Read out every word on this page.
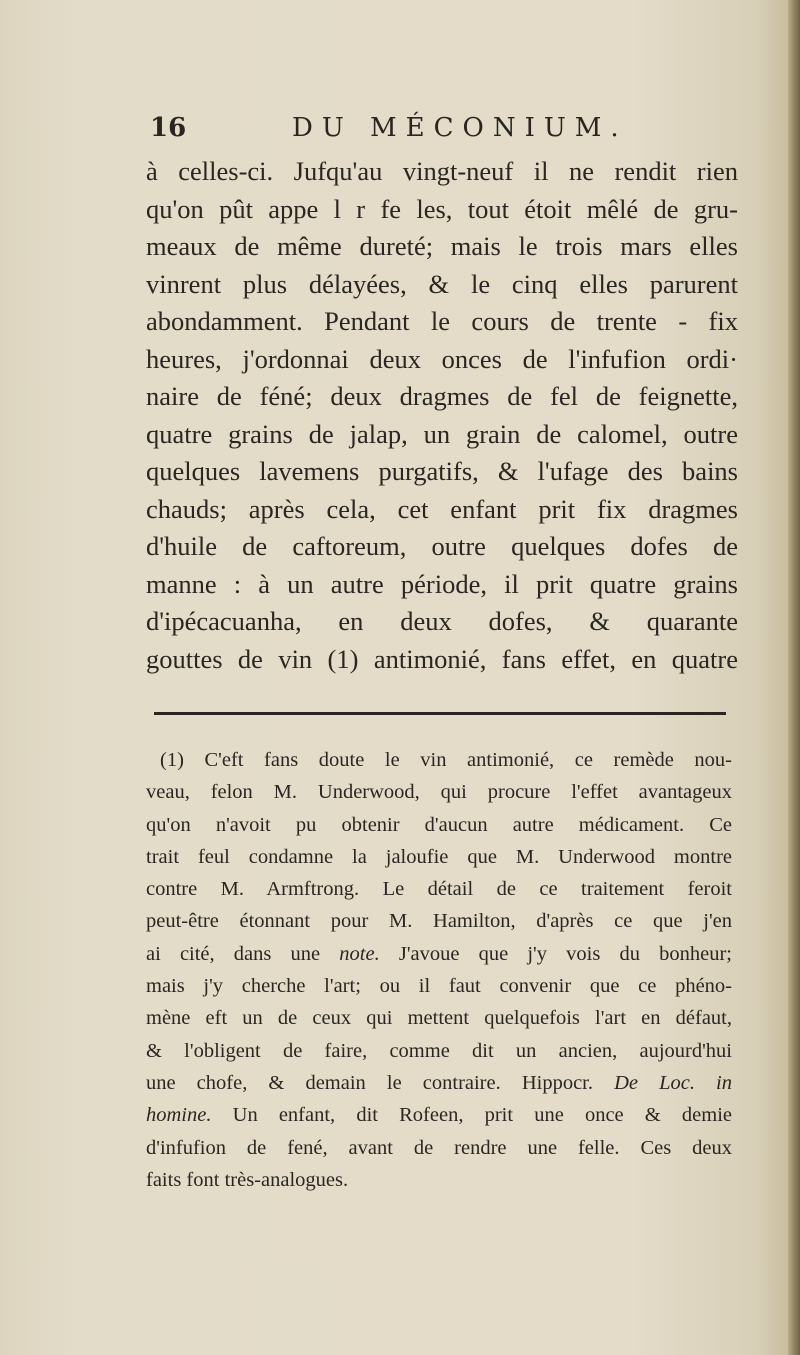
16	DU MÉCONIUM.
à celles-ci. Jufqu'au vingt-neuf il ne rendit rien
qu'on pût appe l r fe les, tout étoit mêlé de gru-
meaux de même dureté; mais le trois mars elles
vinrent plus délayées, & le cinq elles parurent
abondamment. Pendant le cours de trente - fix
heures, j'ordonnai deux onces de l'infufion ordi·
naire de féné; deux dragmes de fel de feignette,
quatre grains de jalap, un grain de calomel, outre
quelques lavemens purgatifs, & l'ufage des bains
chauds; après cela, cet enfant prit fix dragmes
d'huile de caftoreum, outre quelques dofes de
manne : à un autre période, il prit quatre grains
d'ipécacuanha, en deux dofes, & quarante
gouttes de vin (1) antimonié, fans effet, en quatre
(1) C'eft fans doute le vin antimonié, ce remède nou-
veau, felon M. Underwood, qui procure l'effet avantageux
qu'on n'avoit pu obtenir d'aucun autre médicament. Ce
trait feul condamne la jaloufie que M. Underwood montre
contre M. Armftrong. Le détail de ce traitement feroit
peut-être étonnant pour M. Hamilton, d'après ce que j'en
ai cité, dans une note. J'avoue que j'y vois du bonheur;
mais j'y cherche l'art; ou il faut convenir que ce phéno-
mène eft un de ceux qui mettent quelquefois l'art en défaut,
& l'obligent de faire, comme dit un ancien, aujourd'hui
une chofe, & demain le contraire. Hippocr. De Loc. in
homine. Un enfant, dit Rofeen, prit une once & demie
d'infufion de fené, avant de rendre une felle. Ces deux
faits font très-analogues.
